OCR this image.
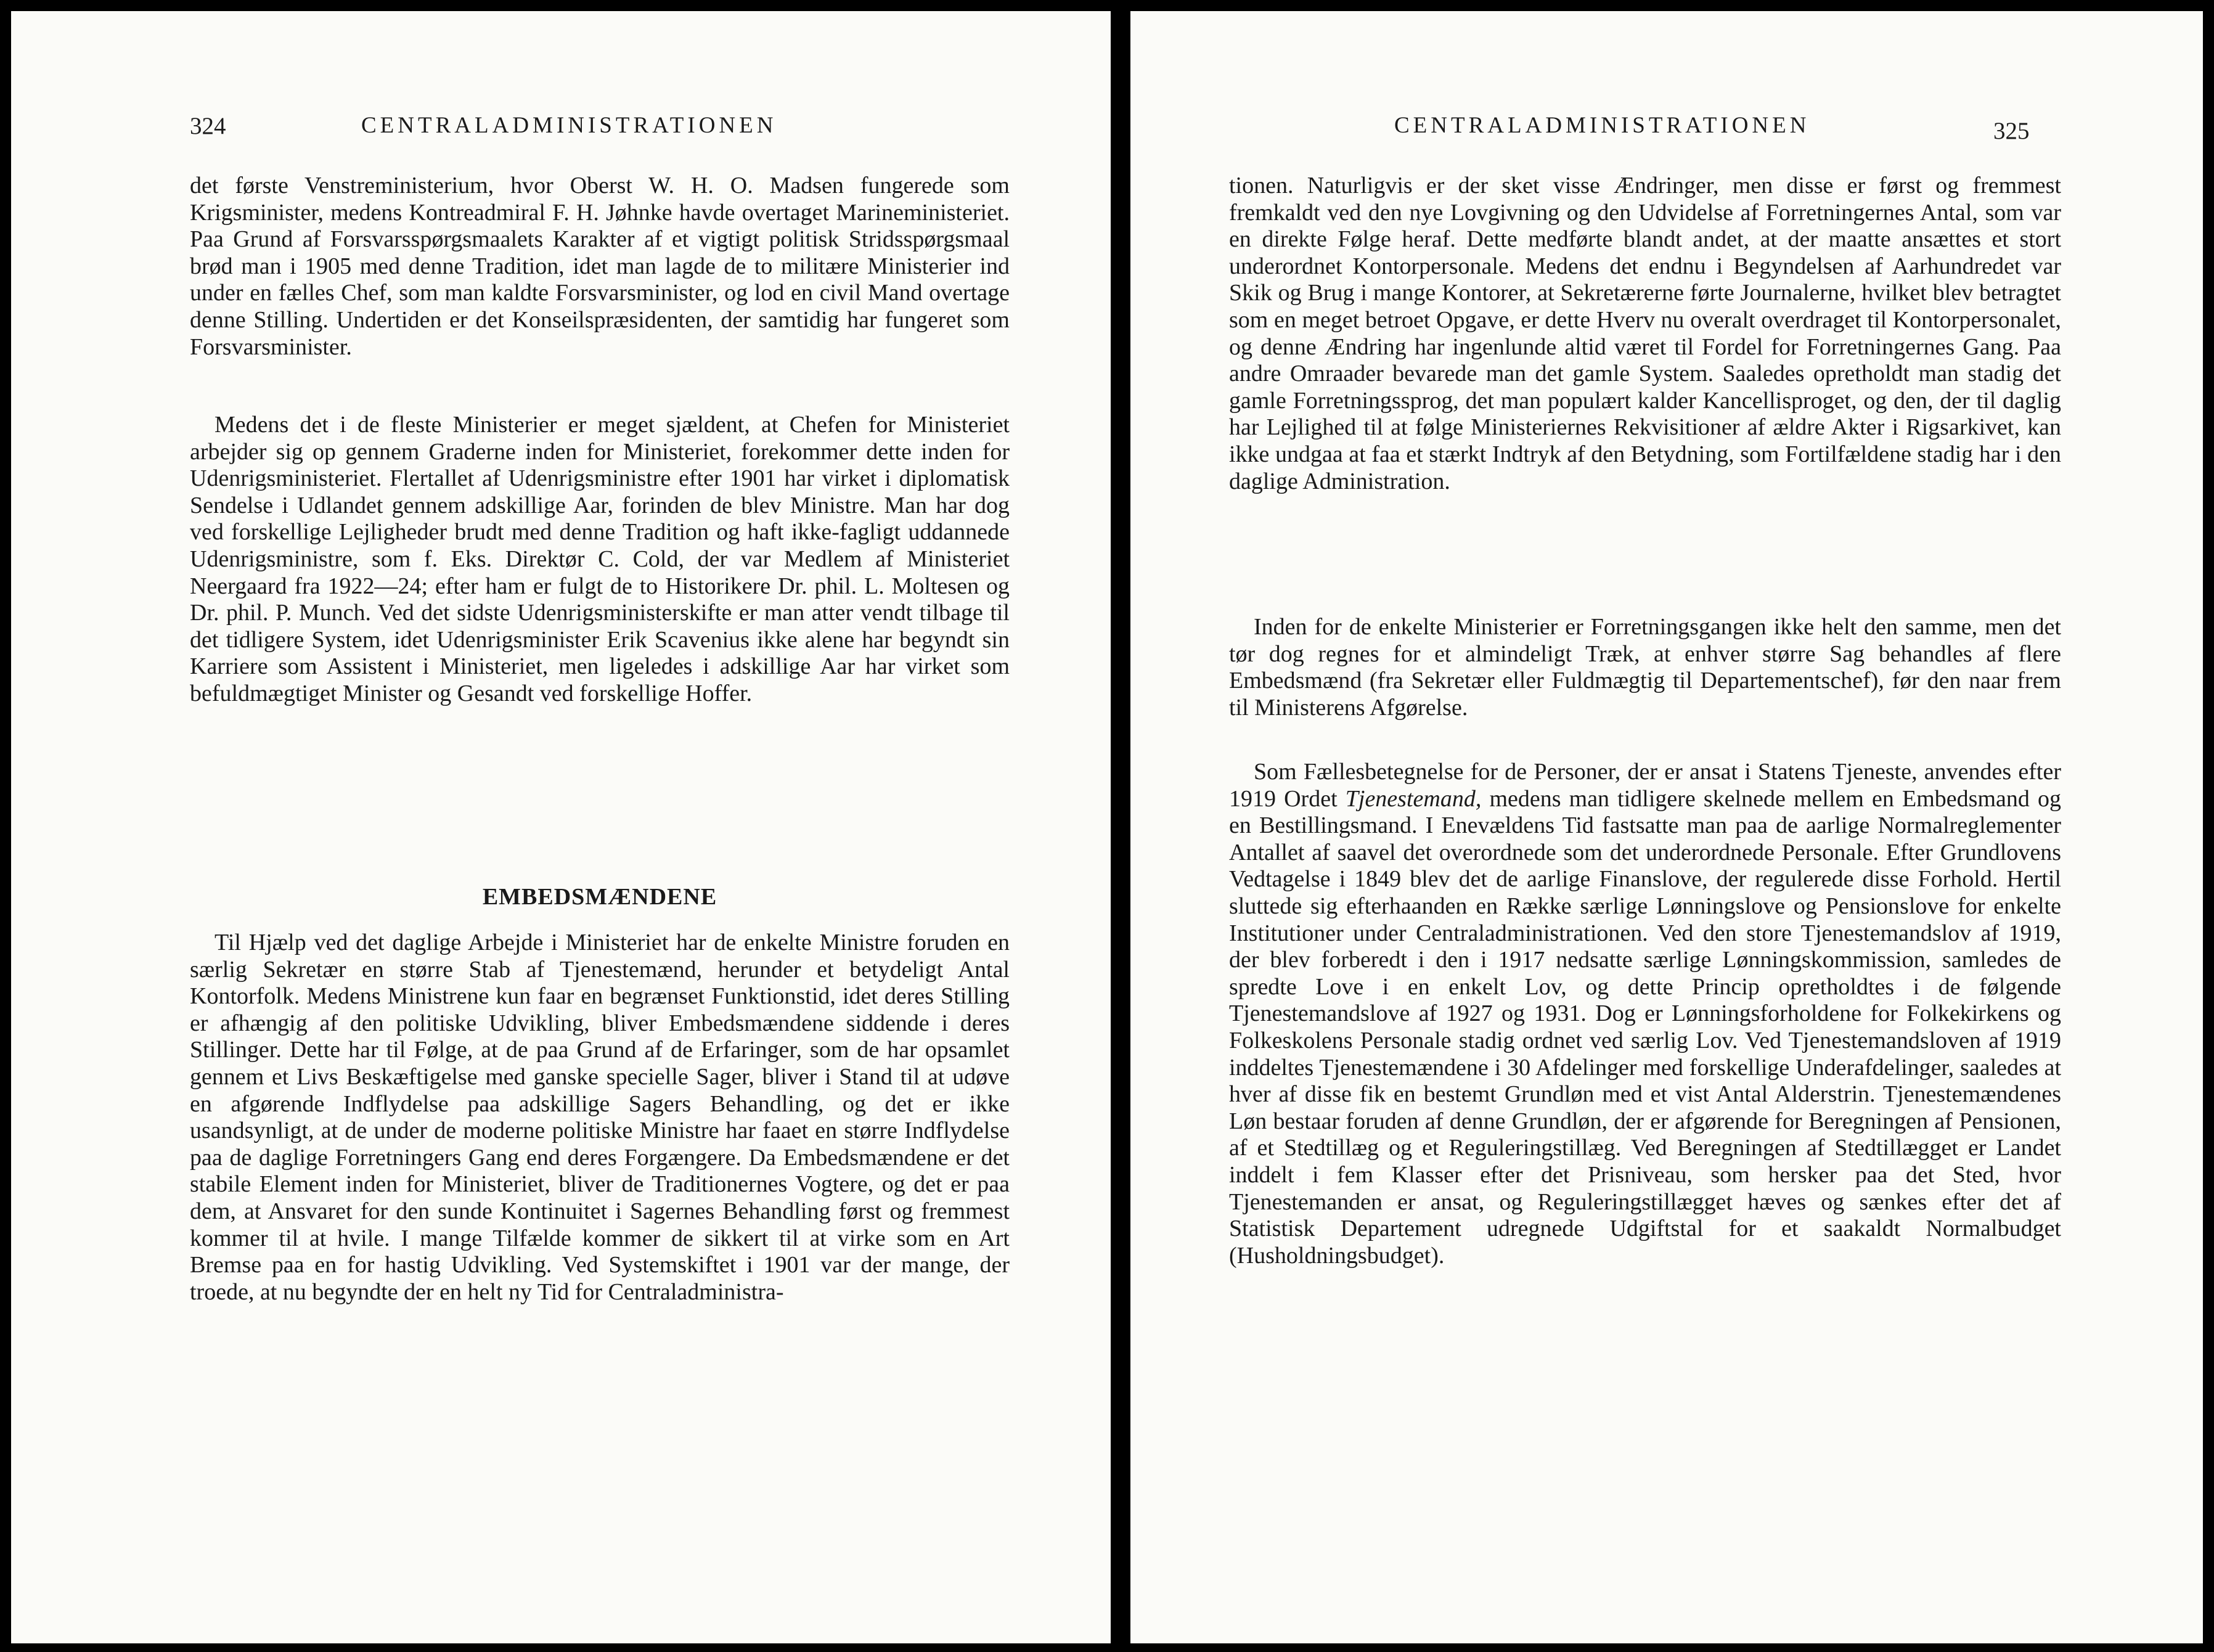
324	CENTRALADMINISTRATIONEN

det første Venstreministerium, hvor Oberst W. H. O. Madsen fungerede som Krigsminister, medens Kontreadmiral F. H. Jøhnke havde overtaget Marineministeriet. Paa Grund af Forsvarsspørgsmaalets Karakter af et vigtigt politisk Stridsspørgsmaal brød man i 1905 med denne Tradition, idet man lagde de to militære Ministerier ind under en fælles Chef, som man kaldte Forsvarsminister, og lod en civil Mand overtage denne Stilling. Undertiden er det Konseilspræsidenten, der samtidig har fungeret som Forsvarsminister.

Medens det i de fleste Ministerier er meget sjældent, at Chefen for Ministeriet arbejder sig op gennem Graderne inden for Ministeriet, forekommer dette inden for Udenrigsministeriet. Flertallet af Udenrigsministre efter 1901 har virket i diplomatisk Sendelse i Udlandet gennem adskillige Aar, forinden de blev Ministre. Man har dog ved forskellige Lejligheder brudt med denne Tradition og haft ikke-fagligt uddannede Udenrigsministre, som f. Eks. Direktør C. Cold, der var Medlem af Ministeriet Neergaard fra 1922—24; efter ham er fulgt de to Historikere Dr. phil. L. Moltesen og Dr. phil. P. Munch. Ved det sidste Udenrigsministerskifte er man atter vendt tilbage til det tidligere System, idet Udenrigsminister Erik Scavenius ikke alene har begyndt sin Karriere som Assistent i Ministeriet, men ligeledes i adskillige Aar har virket som befuldmægtiget Minister og Gesandt ved forskellige Hoffer.

EMBEDSMÆNDENE

Til Hjælp ved det daglige Arbejde i Ministeriet har de enkelte Ministre foruden en særlig Sekretær en større Stab af Tjenestemænd, herunder et betydeligt Antal Kontorfolk. Medens Ministrene kun faar en begrænset Funktionstid, idet deres Stilling er afhængig af den politiske Udvikling, bliver Embedsmændene siddende i deres Stillinger. Dette har til Følge, at de paa Grund af de Erfaringer, som de har opsamlet gennem et Livs Beskæftigelse med ganske specielle Sager, bliver i Stand til at udøve en afgørende Indflydelse paa adskillige Sagers Behandling, og det er ikke usandsynligt, at de under de moderne politiske Ministre har faaet en større Indflydelse paa de daglige Forretningers Gang end deres Forgængere. Da Embedsmændene er det stabile Element inden for Ministeriet, bliver de Traditionernes Vogtere, og det er paa dem, at Ansvaret for den sunde Kontinuitet i Sagernes Behandling først og fremmest kommer til at hvile. I mange Tilfælde kommer de sikkert til at virke som en Art Bremse paa en for hastig Udvikling. Ved Systemskiftet i 1901 var der mange, der troede, at nu begyndte der en helt ny Tid for Centraladministra-

CENTRALADMINISTRATIONEN	325

tionen. Naturligvis er der sket visse Ændringer, men disse er først og fremmest fremkaldt ved den nye Lovgivning og den Udvidelse af Forretningernes Antal, som var en direkte Følge heraf. Dette medførte blandt andet, at der maatte ansættes et stort underordnet Kontorpersonale. Medens det endnu i Begyndelsen af Aarhundredet var Skik og Brug i mange Kontorer, at Sekretærerne førte Journalerne, hvilket blev betragtet som en meget betroet Opgave, er dette Hverv nu overalt overdraget til Kontorpersonalet, og denne Ændring har ingenlunde altid været til Fordel for Forretningernes Gang. Paa andre Omraader bevarede man det gamle System. Saaledes opretholdt man stadig det gamle Forretningssprog, det man populært kalder Kancellisproget, og den, der til daglig har Lejlighed til at følge Ministeriernes Rekvisitioner af ældre Akter i Rigsarkivet, kan ikke undgaa at faa et stærkt Indtryk af den Betydning, som Fortilfældene stadig har i den daglige Administration.

Inden for de enkelte Ministerier er Forretningsgangen ikke helt den samme, men det tør dog regnes for et almindeligt Træk, at enhver større Sag behandles af flere Embedsmænd (fra Sekretær eller Fuldmægtig til Departementschef), før den naar frem til Ministerens Afgørelse.

Som Fællesbetegnelse for de Personer, der er ansat i Statens Tjeneste, anvendes efter 1919 Ordet Tjenestemand, medens man tidligere skelnede mellem en Embedsmand og en Bestillingsmand. I Enevældens Tid fastsatte man paa de aarlige Normalreglementer Antallet af saavel det overordnede som det underordnede Personale. Efter Grundlovens Vedtagelse i 1849 blev det de aarlige Finanslove, der regulerede disse Forhold. Hertil sluttede sig efterhaanden en Række særlige Lønningslove og Pensionslove for enkelte Institutioner under Centraladministrationen. Ved den store Tjenestemandslov af 1919, der blev forberedt i den i 1917 nedsatte særlige Lønningskommission, samledes de spredte Love i en enkelt Lov, og dette Princip opretholdtes i de følgende Tjenestemandslove af 1927 og 1931. Dog er Lønningsforholdene for Folkekirkens og Folkeskolens Personale stadig ordnet ved særlig Lov. Ved Tjenestemandsloven af 1919 inddeltes Tjenestemændene i 30 Afdelinger med forskellige Underafdelinger, saaledes at hver af disse fik en bestemt Grundløn med et vist Antal Alderstrin. Tjenestemændenes Løn bestaar foruden af denne Grundløn, der er afgørende for Beregningen af Pensionen, af et Stedtillæg og et Reguleringstillæg. Ved Beregningen af Stedtillægget er Landet inddelt i fem Klasser efter det Prisniveau, som hersker paa det Sted, hvor Tjenestemanden er ansat, og Reguleringstillægget hæves og sænkes efter det af Statistisk Departement udregnede Udgiftstal for et saakaldt Normalbudget (Husholdningsbudget).
